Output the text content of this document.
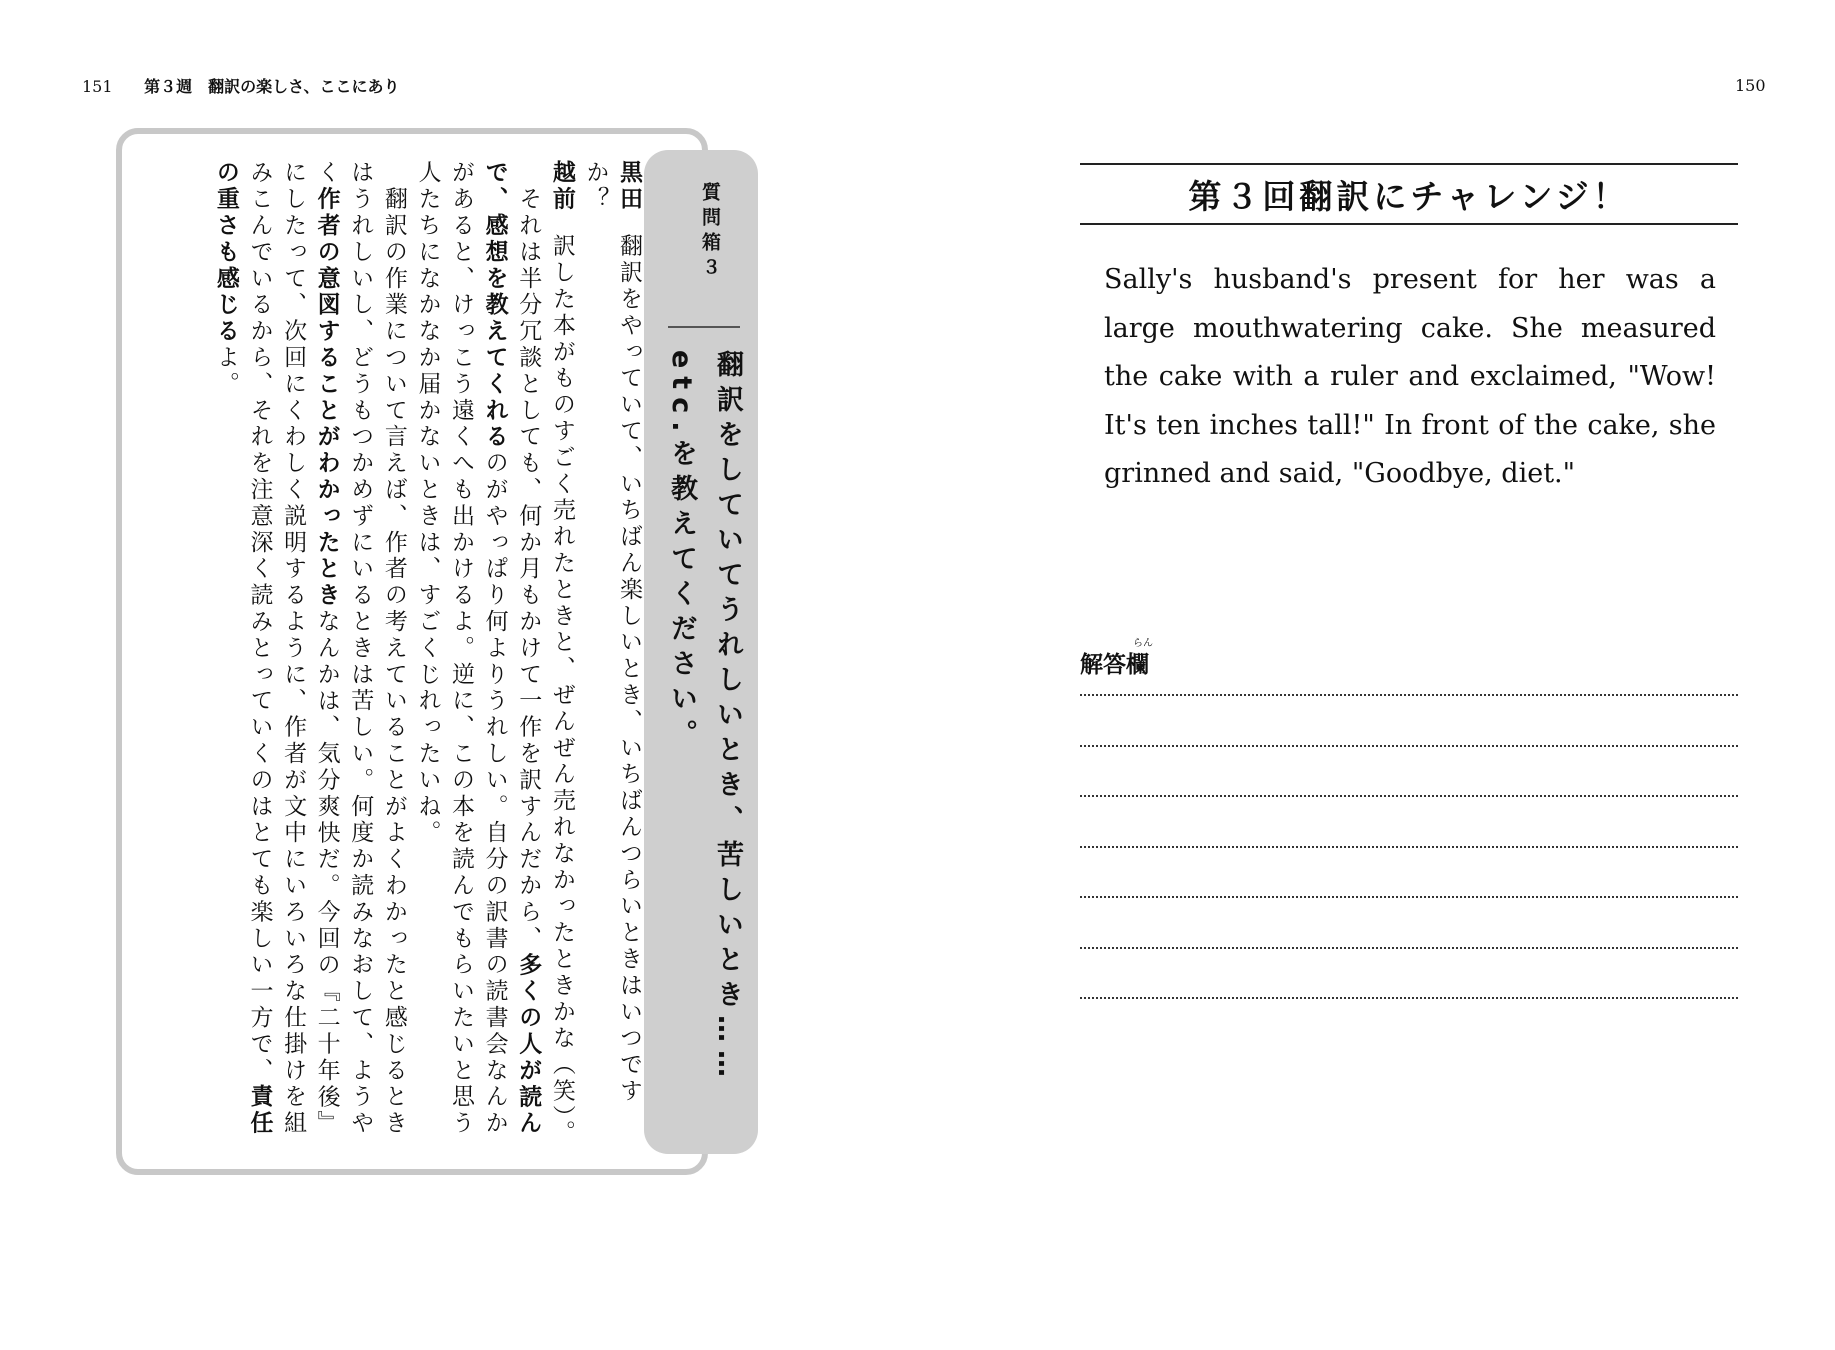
151 第３週　翻訳の楽しさ、ここにあり	150

黒田翻訳をやっていて、いちばん楽しいとき、いちばんつらいときはいつですか？

越前訳した本がものすごく売れたときと、ぜんぜん売れなかったときかな（笑）。

　それは半分冗談としても、何か月もかけて一作を訳すんだから、多くの人が読んで、感想を教えてくれるのがやっぱり何よりうれしい。自分の訳書の読書会なんかがあると、けっこう遠くへも出かけるよ。逆に、この本を読んでもらいたいと思う人たちになかなか届かないときは、すごくじれったいね。

　翻訳の作業について言えば、作者の考えていることがよくわかったと感じるときはうれしいし、どうもつかめずにいるときは苦しい。何度か読みなおして、ようやく作者の意図することがわかったときなんかは、気分爽快だ。今回の『二十年後』にしたって、次回にくわしく説明するように、作者が文中にいろいろな仕掛けを組みこんでいるから、それを注意深く読みとっていくのはとても楽しい一方で、責任の重さも感じるよ。

質問箱３
翻訳をしていてうれしいとき、苦しいとき……etc.を教えてください。
第３回翻訳にチャレンジ！

Sally's husband's present for her was a large mouthwatering cake. She measured the cake with a ruler and exclaimed, "Wow! It's ten inches tall!" In front of the cake, she grinned and said, "Goodbye, diet."

らん
解答欄
